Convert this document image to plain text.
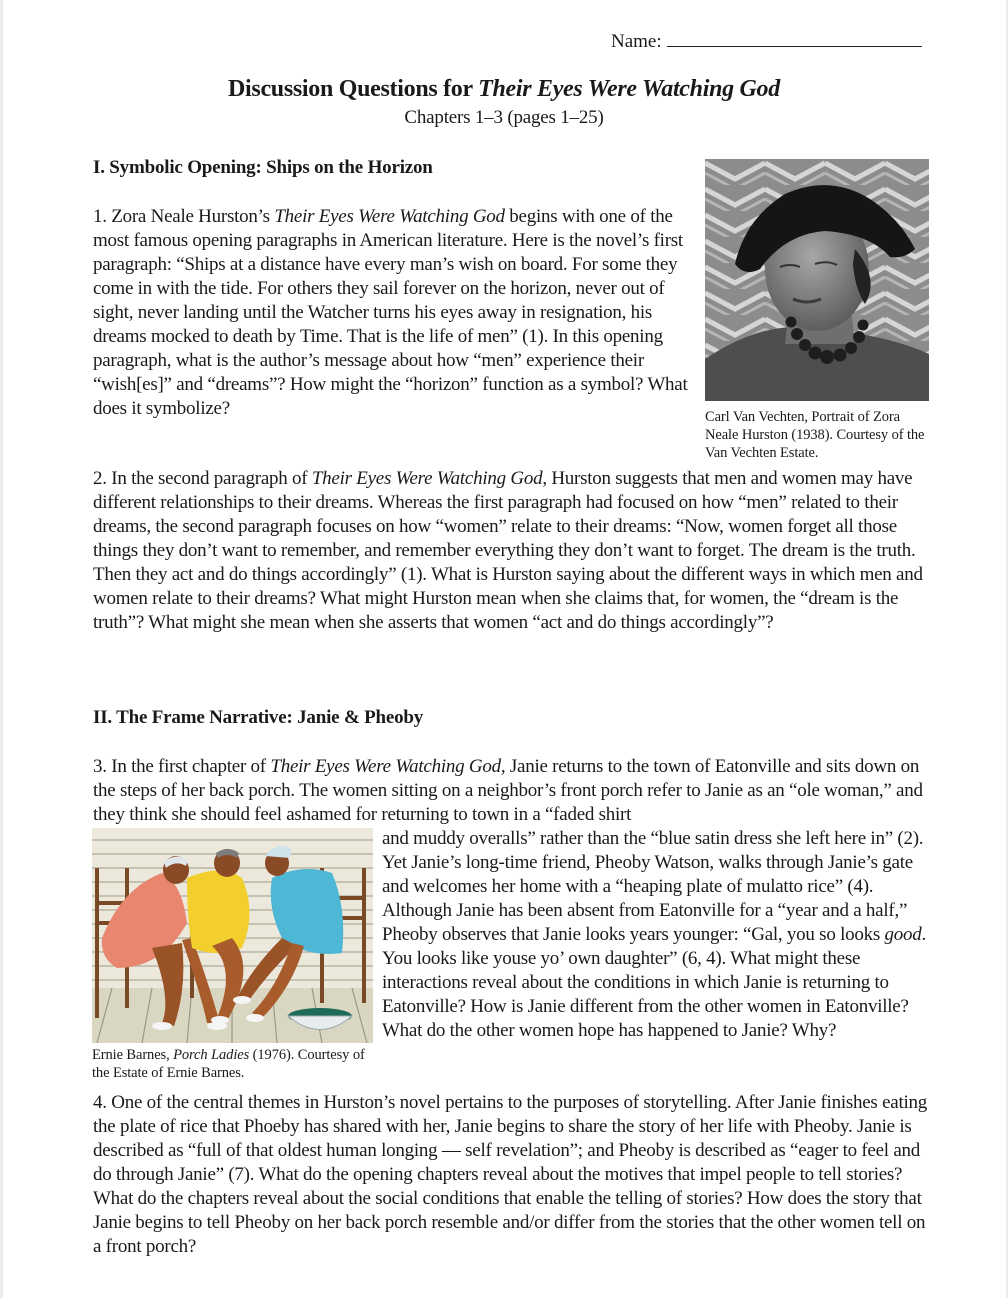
Name:
Discussion Questions for Their Eyes Were Watching God
Chapters 1–3 (pages 1–25)
I. Symbolic Opening: Ships on the Horizon

1. Zora Neale Hurston’s Their Eyes Were Watching God begins with one of the most famous opening paragraphs in American literature. Here is the novel’s first paragraph: “Ships at a distance have every man’s wish on board. For some they come in with the tide. For others they sail forever on the horizon, never out of sight, never landing until the Watcher turns his eyes away in resignation, his dreams mocked to death by Time. That is the life of men” (1). In this opening paragraph, what is the author’s message about how “men” experience their “wish[es]” and “dreams”? How might the “horizon” function as a symbol? What does it symbolize?	Carl Van Vechten, Portrait of Zora Neale Hurston (1938). Courtesy of the Van Vechten Estate.

2. In the second paragraph of Their Eyes Were Watching God, Hurston suggests that men and women may have different relationships to their dreams. Whereas the first paragraph had focused on how “men” related to their dreams, the second paragraph focuses on how “women” relate to their dreams: “Now, women forget all those things they don’t want to remember, and remember everything they don’t want to forget. The dream is the truth. Then they act and do things accordingly” (1). What is Hurston saying about the different ways in which men and women relate to their dreams? What might Hurston mean when she claims that, for women, the “dream is the truth”? What might she mean when she asserts that women “act and do things accordingly”?

II. The Frame Narrative: Janie & Pheoby

3. In the first chapter of Their Eyes Were Watching God, Janie returns to the town of Eatonville and sits down on the steps of her back porch. The women sitting on a neighbor’s front porch refer to Janie as an “ole woman,” and they think she should feel ashamed for returning to town in a “faded shirt

Ernie Barnes, Porch Ladies (1976). Courtesy of the Estate of Ernie Barnes.

and muddy overalls” rather than the “blue satin dress she left here in” (2). Yet Janie’s long-time friend, Pheoby Watson, walks through Janie’s gate and welcomes her home with a “heaping plate of mulatto rice” (4). Although Janie has been absent from Eatonville for a “year and a half,” Pheoby observes that Janie looks years younger: “Gal, you so looks good. You looks like youse yo’ own daughter” (6, 4). What might these interactions reveal about the conditions in which Janie is returning to Eatonville? How is Janie different from the other women in Eatonville? What do the other women hope has happened to Janie? Why?

4. One of the central themes in Hurston’s novel pertains to the purposes of storytelling. After Janie finishes eating the plate of rice that Phoeby has shared with her, Janie begins to share the story of her life with Pheoby. Janie is described as “full of that oldest human longing — self revelation”; and Pheoby is described as “eager to feel and do through Janie” (7). What do the opening chapters reveal about the motives that impel people to tell stories? What do the chapters reveal about the social conditions that enable the telling of stories? How does the story that Janie begins to tell Pheoby on her back porch resemble and/or differ from the stories that the other women tell on a front porch?
